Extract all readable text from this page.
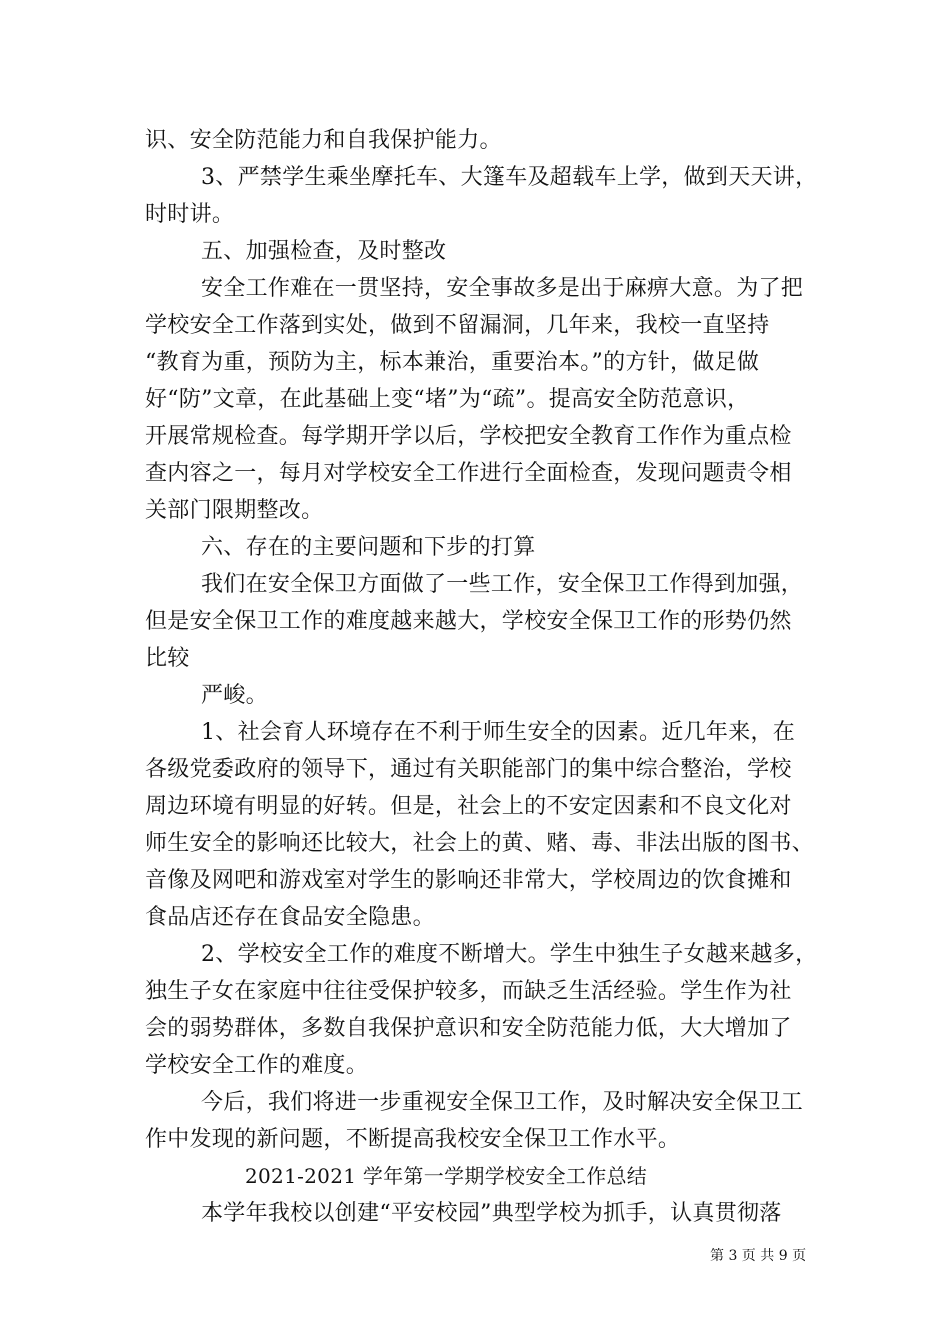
识、安全防范能力和自我保护能力。
3、严禁学生乘坐摩托车、大篷车及超载车上学，做到天天讲，
时时讲。
五、加强检查，及时整改
安全工作难在一贯坚持，安全事故多是出于麻痹大意。为了把
学校安全工作落到实处，做到不留漏洞，几年来，我校一直坚持
“教育为重，预防为主，标本兼治，重要治本。”的方针，做足做
好“防”文章，在此基础上变“堵”为“疏”。提高安全防范意识，
开展常规检查。每学期开学以后，学校把安全教育工作作为重点检
查内容之一，每月对学校安全工作进行全面检查，发现问题责令相
关部门限期整改。
六、存在的主要问题和下步的打算
我们在安全保卫方面做了一些工作，安全保卫工作得到加强，
但是安全保卫工作的难度越来越大，学校安全保卫工作的形势仍然
比较
严峻。
1、社会育人环境存在不利于师生安全的因素。近几年来，在
各级党委政府的领导下，通过有关职能部门的集中综合整治，学校
周边环境有明显的好转。但是，社会上的不安定因素和不良文化对
师生安全的影响还比较大，社会上的黄、赌、毒、非法出版的图书、
音像及网吧和游戏室对学生的影响还非常大，学校周边的饮食摊和
食品店还存在食品安全隐患。
2、学校安全工作的难度不断增大。学生中独生子女越来越多，
独生子女在家庭中往往受保护较多，而缺乏生活经验。学生作为社
会的弱势群体，多数自我保护意识和安全防范能力低，大大增加了
学校安全工作的难度。
今后，我们将进一步重视安全保卫工作，及时解决安全保卫工
作中发现的新问题，不断提高我校安全保卫工作水平。
2021-2021 学年第一学期学校安全工作总结
本学年我校以创建“平安校园”典型学校为抓手，认真贯彻落
第 3 页 共 9 页
